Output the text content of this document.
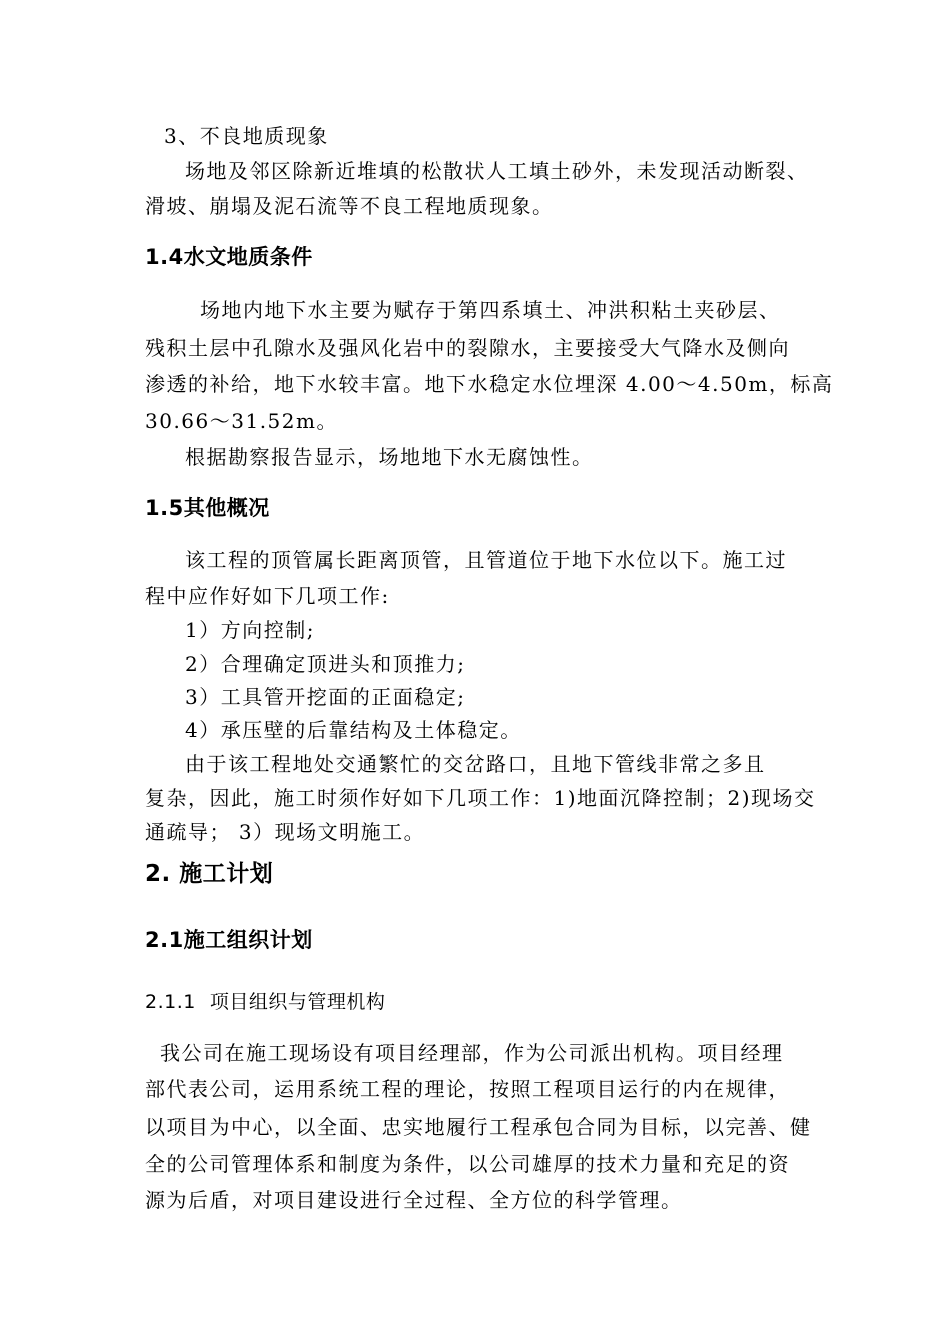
3、不良地质现象
场地及邻区除新近堆填的松散状人工填土砂外，未发现活动断裂、
滑坡、崩塌及泥石流等不良工程地质现象。
1.4水文地质条件
场地内地下水主要为赋存于第四系填土、冲洪积粘土夹砂层、
残积土层中孔隙水及强风化岩中的裂隙水，主要接受大气降水及侧向
渗透的补给，地下水较丰富。地下水稳定水位埋深 4.00～4.50m，标高
30.66～31.52m。
根据勘察报告显示，场地地下水无腐蚀性。
1.5其他概况
该工程的顶管属长距离顶管，且管道位于地下水位以下。施工过
程中应作好如下几项工作:
1）方向控制;
2）合理确定顶进头和顶推力;
3）工具管开挖面的正面稳定;
4）承压壁的后靠结构及土体稳定。
由于该工程地处交通繁忙的交岔路口，且地下管线非常之多且
复杂，因此，施工时须作好如下几项工作：1)地面沉降控制；2)现场交
通疏导； 3）现场文明施工。
2. 施工计划
2.1施工组织计划
2.1.1 项目组织与管理机构
我公司在施工现场设有项目经理部，作为公司派出机构。项目经理
部代表公司，运用系统工程的理论，按照工程项目运行的内在规律，
以项目为中心，以全面、忠实地履行工程承包合同为目标，以完善、健
全的公司管理体系和制度为条件，以公司雄厚的技术力量和充足的资
源为后盾，对项目建设进行全过程、全方位的科学管理。
